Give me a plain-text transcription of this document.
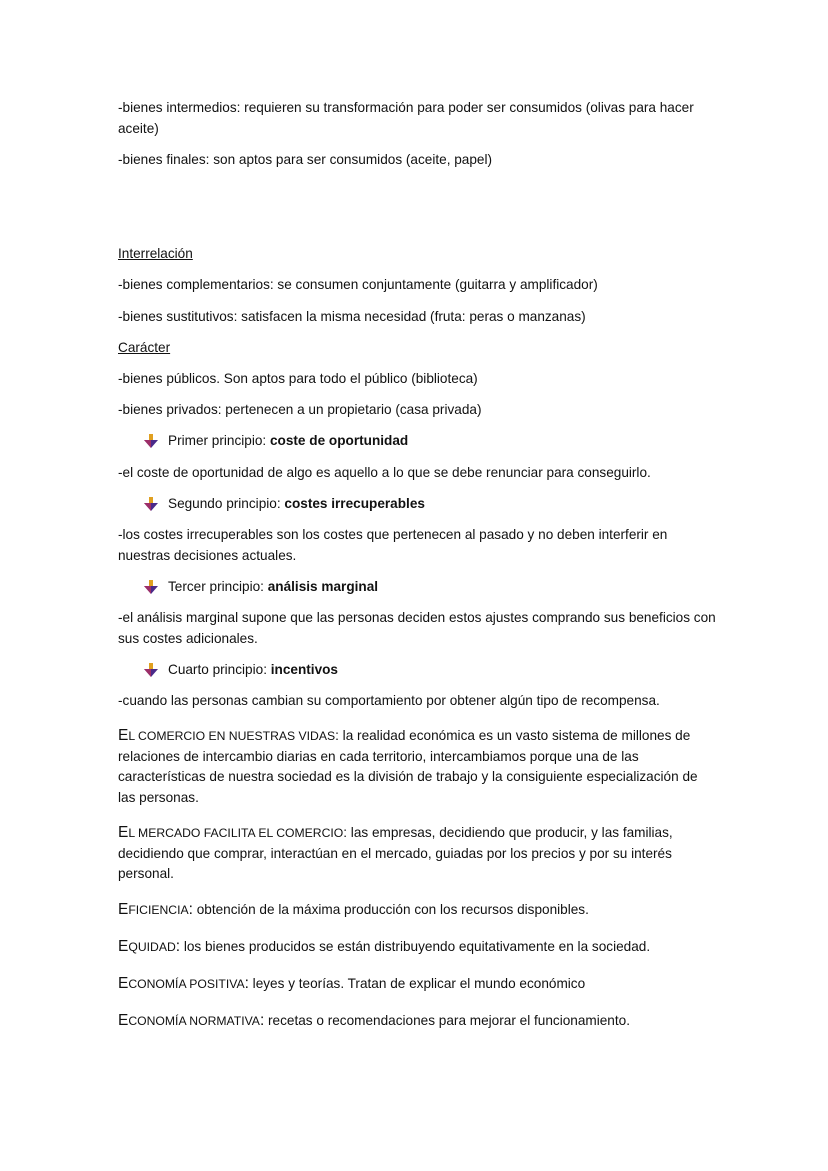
-bienes intermedios: requieren su transformación para poder ser consumidos (olivas para hacer aceite)

-bienes finales: son aptos para ser consumidos (aceite, papel)

Interrelación

-bienes complementarios: se consumen conjuntamente (guitarra y amplificador)

-bienes sustitutivos: satisfacen la misma necesidad (fruta: peras o manzanas)

Carácter

-bienes públicos. Son aptos para todo el público (biblioteca)

-bienes privados: pertenecen a un propietario (casa privada)

Primer principio: coste de oportunidad

-el coste de oportunidad de algo es aquello a lo que se debe renunciar para conseguirlo.

Segundo principio: costes irrecuperables

-los costes irrecuperables son los costes que pertenecen al pasado y no deben interferir en nuestras decisiones actuales.

Tercer principio: análisis marginal

-el análisis marginal supone que las personas deciden estos ajustes comprando sus beneficios con sus costes adicionales.

Cuarto principio: incentivos

-cuando las personas cambian su comportamiento por obtener algún tipo de recompensa.

EL COMERCIO EN NUESTRAS VIDAS: la realidad económica es un vasto sistema de millones de relaciones de intercambio diarias en cada territorio, intercambiamos porque una de las características de nuestra sociedad es la división de trabajo y la consiguiente especialización de las personas.

EL MERCADO FACILITA EL COMERCIO: las empresas, decidiendo que producir, y las familias, decidiendo que comprar, interactúan en el mercado, guiadas por los precios y por su interés personal.

EFICIENCIA: obtención de la máxima producción con los recursos disponibles.

EQUIDAD: los bienes producidos se están distribuyendo equitativamente en la sociedad.

ECONOMÍA POSITIVA: leyes y teorías. Tratan de explicar el mundo económico

ECONOMÍA NORMATIVA: recetas o recomendaciones para mejorar el funcionamiento.
